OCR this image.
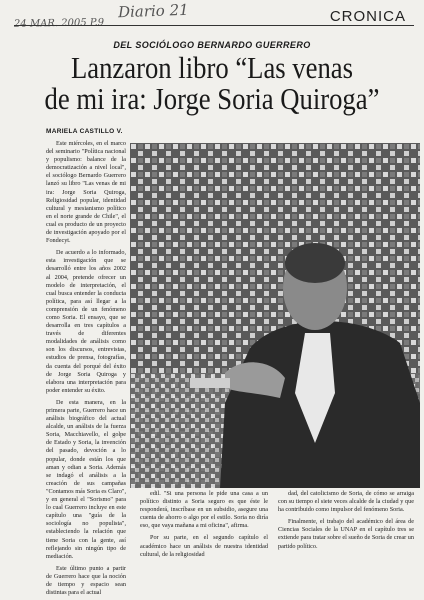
Diario 21
24 MAR. 2005 P.9	CRONICA
DEL SOCIÓLOGO BERNARDO GUERRERO
Lanzaron libro “Las venas
de mi ira: Jorge Soria Quiroga”
MARIELA CASTILLO V.

Este miércoles, en el marco del seminario "Política nacional y populismo: balance de la democratización a nivel local", el sociólogo Bernardo Guerrero lanzó su libro "Las venas de mi ira: Jorge Soria Quiroga, Religiosidad popular, identidad cultural y mesianismo político en el norte grande de Chile", el cual es producto de un proyecto de investigación apoyado por el Fondecyt.

De acuerdo a lo informado, esta investigación que se desarrolló entre los años 2002 al 2004, pretende ofrecer un modelo de interpretación, el cual busca entender la conducta política, para así llegar a la comprensión de un fenómeno como Soria. El ensayo, que se desarrolla en tres capítulos a través de diferentes modalidades de análisis como son los discursos, entrevistas, estudios de prensa, fotografías, da cuenta del porqué del éxito de Jorge Soria Quiroga y elabora una interpretación para poder entender su éxito.

De esta manera, en la primera parte, Guerrero hace un análisis biográfico del actual alcalde, un análisis de la fuerza Soria, Macchiavello, el golpe de Estado y Soria, la invención del pasado, devoción a lo popular, donde están los que aman y odian a Soria. Además se indagó el análisis a la creación de sus campañas "Contamos más Soria es Claro", y en general el "Sorismo" para lo cual Guerrero incluye en este capítulo una "guía de la sociología no populista", estableciendo la relación que tiene Soria con la gente, así reflejando sin ningún tipo de mediación.

Este último punto a partir de Guerrero hace que la noción de tiempo y espacio sean distintas para el actual

edil. "Si una persona le pide una casa a un político distinto a Soria seguro es que éste le responderá, inscríbase en un subsidio, asegure una cuenta de ahorro o algo por el estilo. Soria no diría eso, que vaya mañana a mi oficina", afirma.

Por su parte, en el segundo capítulo el académico hace un análisis de nuestra identidad cultural, de la religiosidad

dad, del catolicismo de Soria, de cómo se arraiga con su tiempo el siete veces alcalde de la ciudad y que ha contribuido como impulsor del fenómeno Soria.

Finalmente, el trabajo del académico del área de Ciencias Sociales de la UNAP en el capítulo tres se extiende para tratar sobre el sueño de Soria de crear un partido político.
